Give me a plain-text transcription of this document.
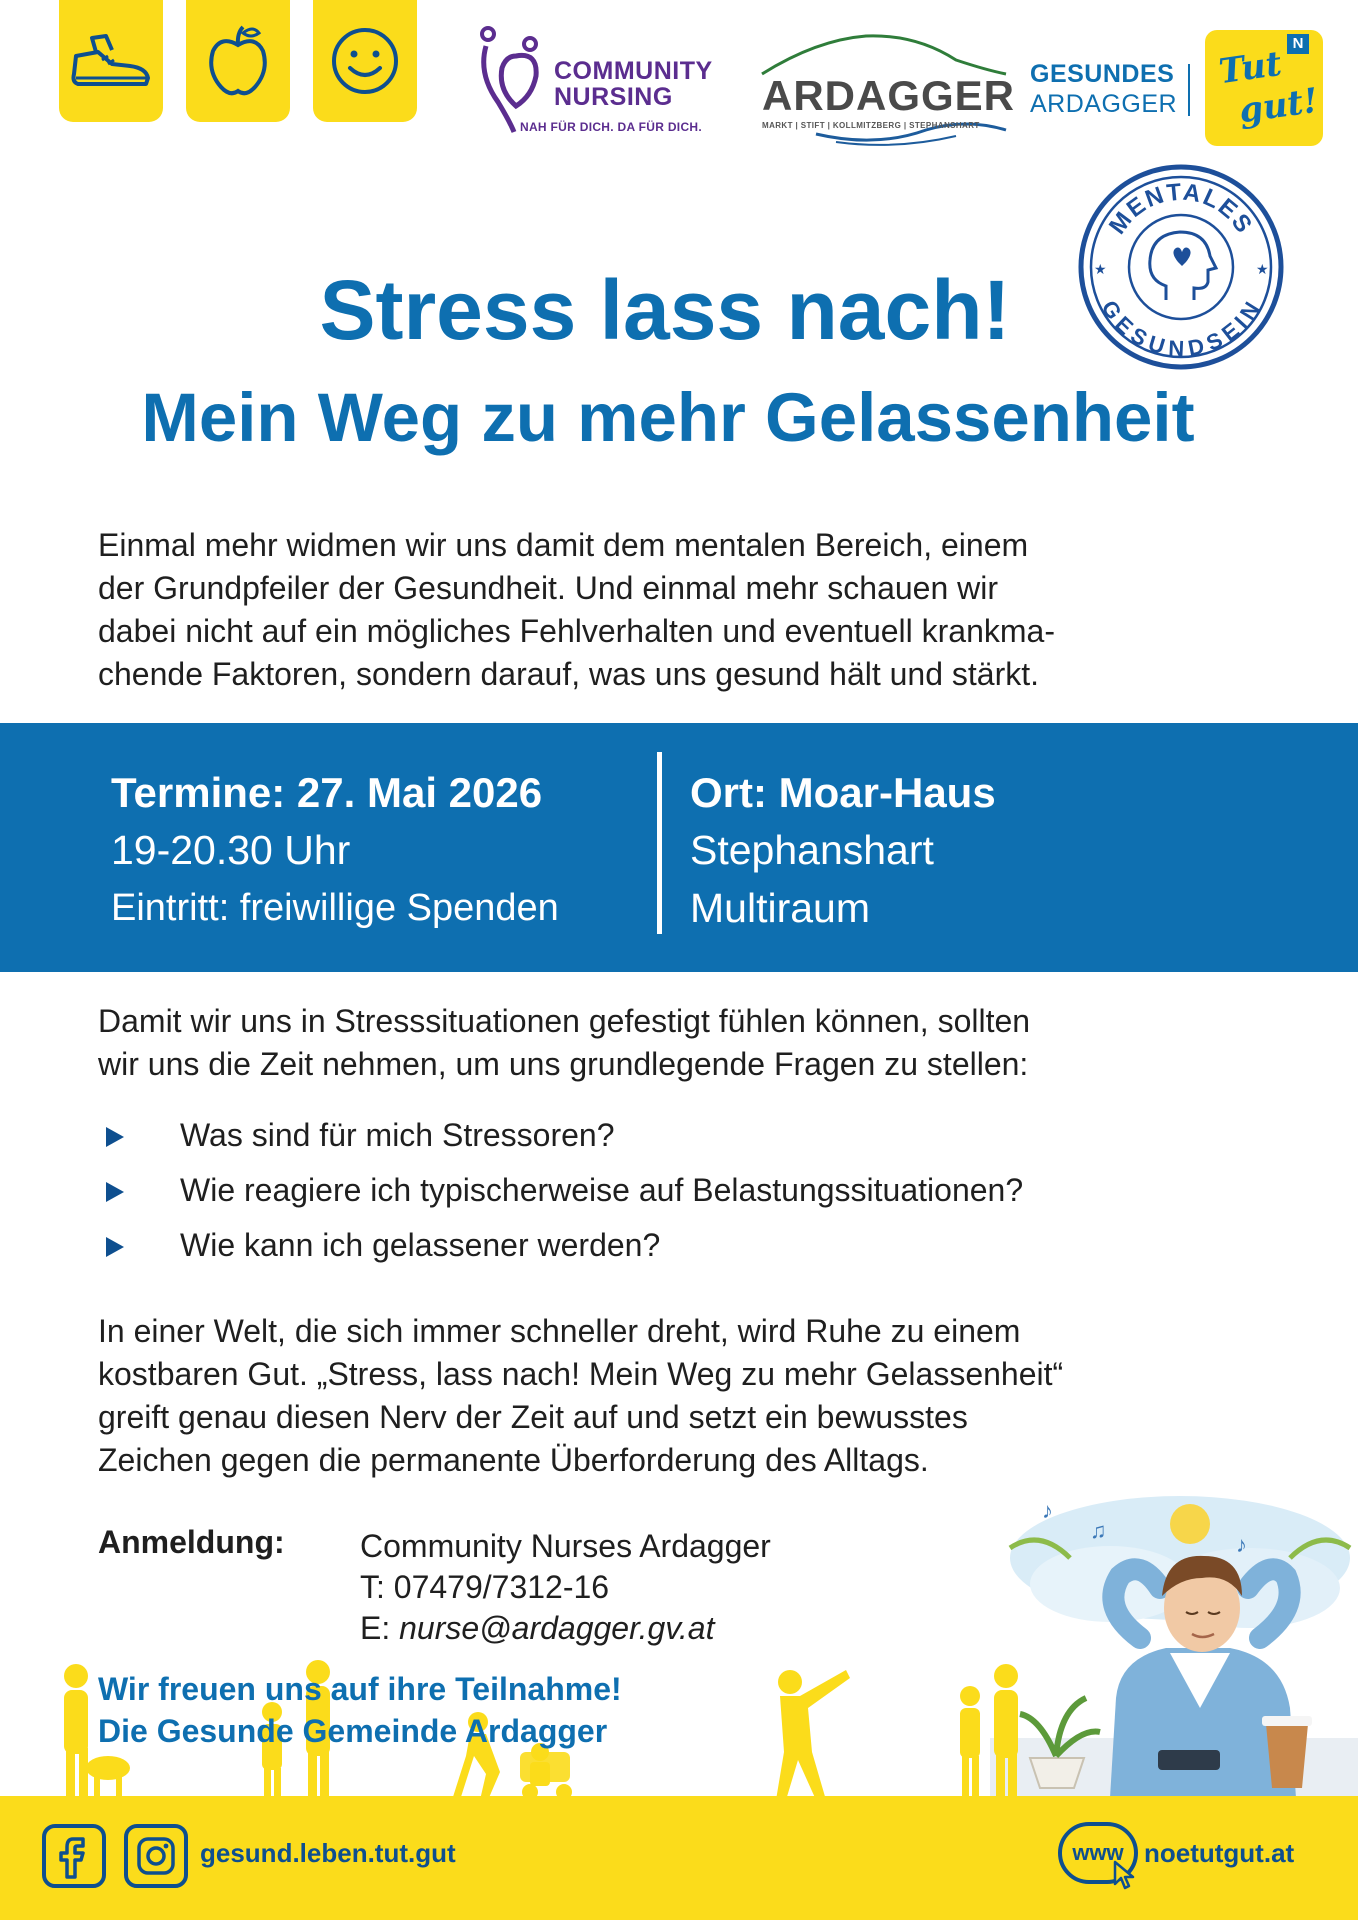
COMMUNITY
NURSING
NAH FÜR DICH. DA FÜR DICH.
ARDAGGER
MARKT | STIFT | KOLLMITZBERG | STEPHANSHART
GESUNDES
ARDAGGER
N
Tut
gut!
MENTALES
GESUNDSEIN
★	★
Stress lass nach!
Mein Weg zu mehr Gelassenheit
Einmal mehr widmen wir uns damit dem mentalen Bereich, einem
der Grundpfeiler der Gesundheit. Und einmal mehr schauen wir
dabei nicht auf ein mögliches Fehlverhalten und eventuell krankma-
chende Faktoren, sondern darauf, was uns gesund hält und stärkt.
Termine: 27. Mai 2026
19-20.30 Uhr
Eintritt: freiwillige Spenden
Ort: Moar-Haus
Stephanshart
Multiraum
Damit wir uns in Stresssituationen gefestigt fühlen können, sollten
wir uns die Zeit nehmen, um uns grundlegende Fragen zu stellen:
Was sind für mich Stressoren?
Wie reagiere ich typischerweise auf Belastungssituationen?
Wie kann ich gelassener werden?
In einer Welt, die sich immer schneller dreht, wird Ruhe zu einem
kostbaren Gut. „Stress, lass nach! Mein Weg zu mehr Gelassenheit“
greift genau diesen Nerv der Zeit auf und setzt ein bewusstes
Zeichen gegen die permanente Überforderung des Alltags.
♪
♫
♪
Anmeldung: Community Nurses Ardagger
T: 07479/7312-16
E: nurse@ardagger.gv.at
Wir freuen uns auf ihre Teilnahme!
Die Gesunde Gemeinde Ardagger
gesund.leben.tut.gut	www noetutgut.at
